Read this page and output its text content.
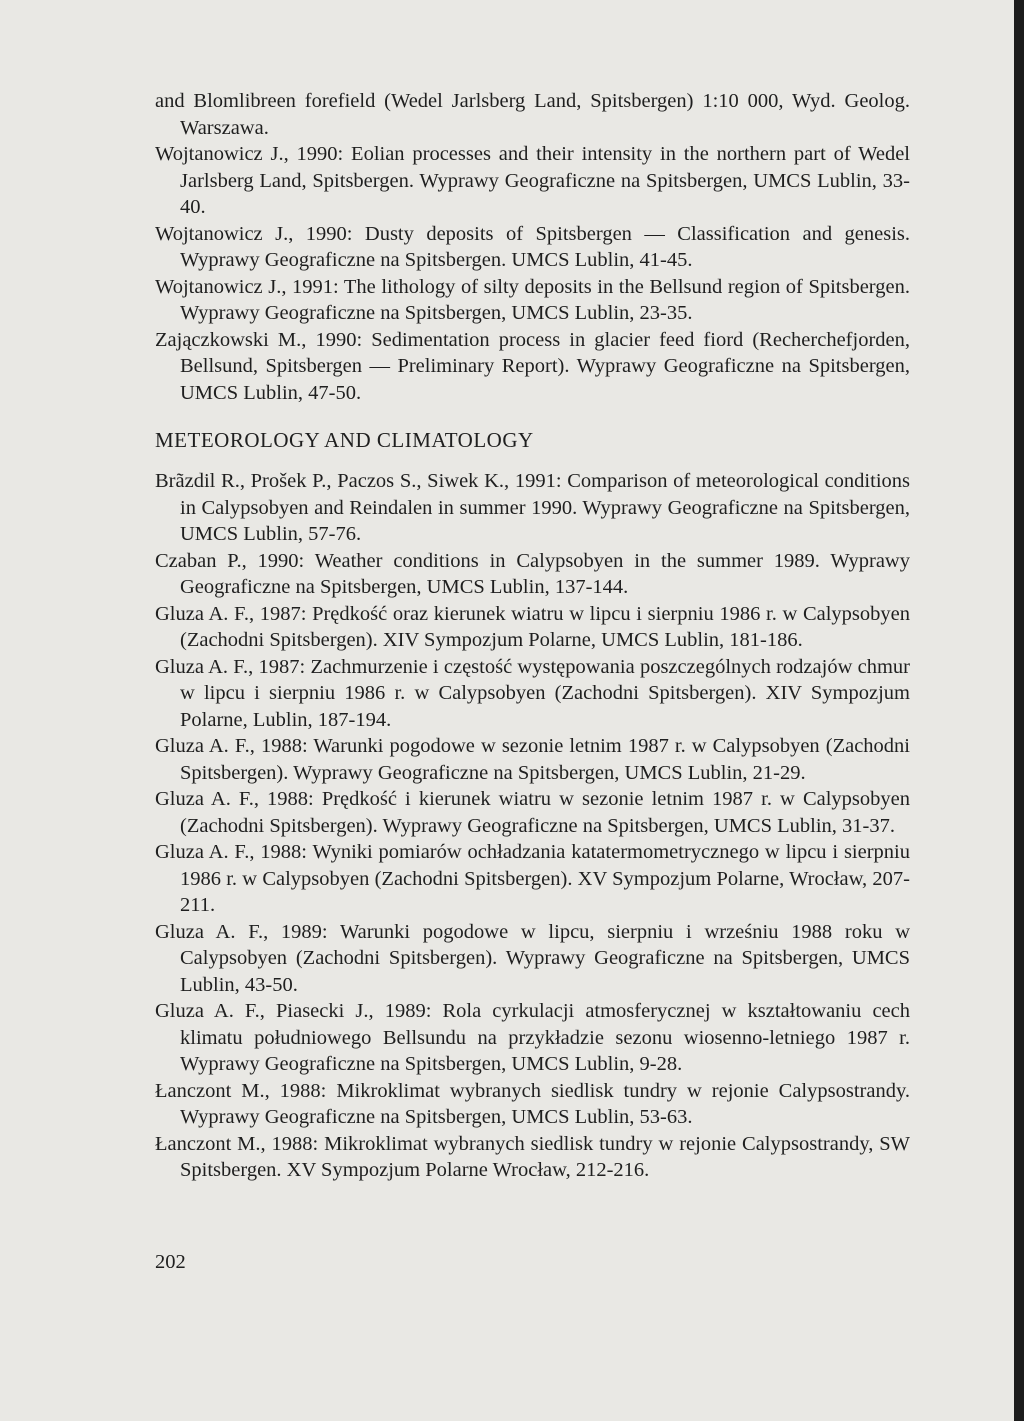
and Blomlibreen forefield (Wedel Jarlsberg Land, Spitsbergen) 1:10 000, Wyd. Geolog. Warszawa.

Wojtanowicz J., 1990: Eolian processes and their intensity in the northern part of Wedel Jarlsberg Land, Spitsbergen. Wyprawy Geograficzne na Spitsbergen, UMCS Lublin, 33-40.

Wojtanowicz J., 1990: Dusty deposits of Spitsbergen — Classification and genesis. Wyprawy Geograficzne na Spitsbergen. UMCS Lublin, 41-45.

Wojtanowicz J., 1991: The lithology of silty deposits in the Bellsund region of Spitsbergen. Wyprawy Geograficzne na Spitsbergen, UMCS Lublin, 23-35.

Zajączkowski M., 1990: Sedimentation process in glacier feed fiord (Recherchefjorden, Bellsund, Spitsbergen — Preliminary Report). Wyprawy Geograficzne na Spitsbergen, UMCS Lublin, 47-50.

METEOROLOGY AND CLIMATOLOGY

Brãzdil R., Prošek P., Paczos S., Siwek K., 1991: Comparison of meteorological conditions in Calypsobyen and Reindalen in summer 1990. Wyprawy Geograficzne na Spitsbergen, UMCS Lublin, 57-76.

Czaban P., 1990: Weather conditions in Calypsobyen in the summer 1989. Wyprawy Geograficzne na Spitsbergen, UMCS Lublin, 137-144.

Gluza A. F., 1987: Prędkość oraz kierunek wiatru w lipcu i sierpniu 1986 r. w Calypsobyen (Zachodni Spitsbergen). XIV Sympozjum Polarne, UMCS Lublin, 181-186.

Gluza A. F., 1987: Zachmurzenie i częstość występowania poszczególnych rodzajów chmur w lipcu i sierpniu 1986 r. w Calypsobyen (Zachodni Spitsbergen). XIV Sympozjum Polarne, Lublin, 187-194.

Gluza A. F., 1988: Warunki pogodowe w sezonie letnim 1987 r. w Calypsobyen (Zachodni Spitsbergen). Wyprawy Geograficzne na Spitsbergen, UMCS Lublin, 21-29.

Gluza A. F., 1988: Prędkość i kierunek wiatru w sezonie letnim 1987 r. w Calypsobyen (Zachodni Spitsbergen). Wyprawy Geograficzne na Spitsbergen, UMCS Lublin, 31-37.

Gluza A. F., 1988: Wyniki pomiarów ochładzania katatermometrycznego w lipcu i sierpniu 1986 r. w Calypsobyen (Zachodni Spitsbergen). XV Sympozjum Polarne, Wrocław, 207-211.

Gluza A. F., 1989: Warunki pogodowe w lipcu, sierpniu i wrześniu 1988 roku w Calypsobyen (Zachodni Spitsbergen). Wyprawy Geograficzne na Spitsbergen, UMCS Lublin, 43-50.

Gluza A. F., Piasecki J., 1989: Rola cyrkulacji atmosferycznej w kształtowaniu cech klimatu południowego Bellsundu na przykładzie sezonu wiosenno-letniego 1987 r. Wyprawy Geograficzne na Spitsbergen, UMCS Lublin, 9-28.

Łanczont M., 1988: Mikroklimat wybranych siedlisk tundry w rejonie Calypsostrandy. Wyprawy Geograficzne na Spitsbergen, UMCS Lublin, 53-63.

Łanczont M., 1988: Mikroklimat wybranych siedlisk tundry w rejonie Calypsostrandy, SW Spitsbergen. XV Sympozjum Polarne Wrocław, 212-216.

202
